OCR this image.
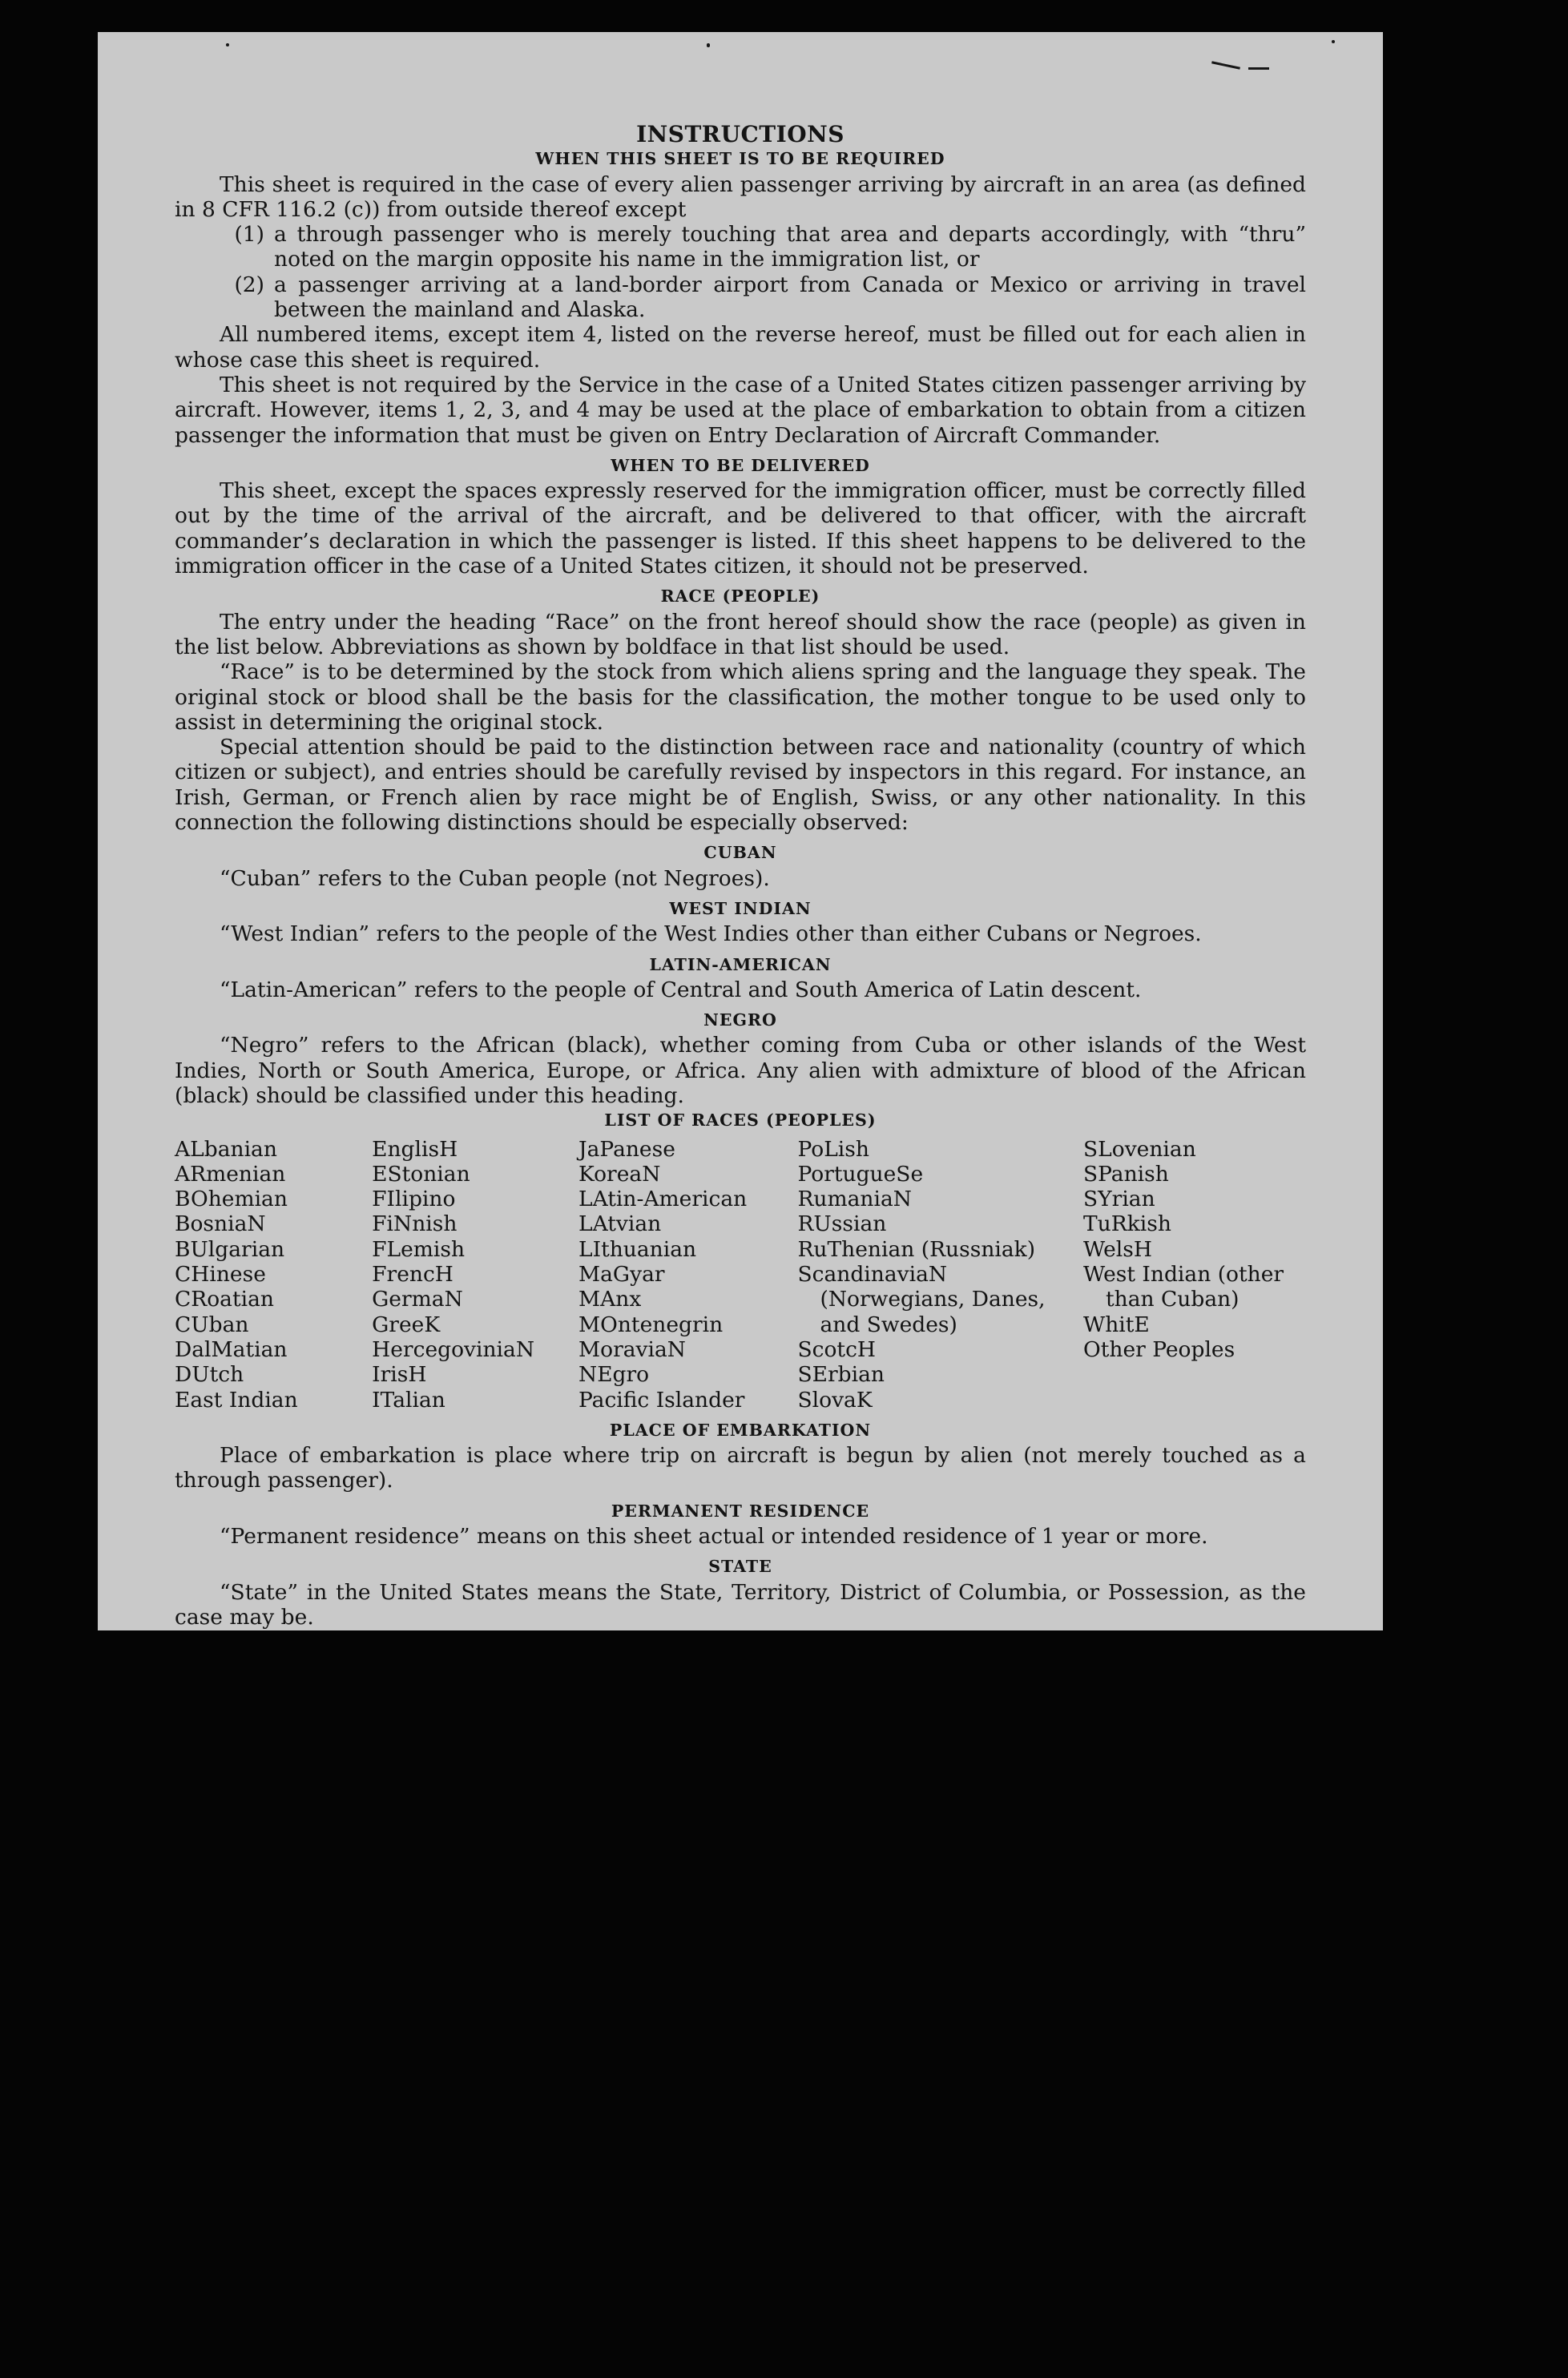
INSTRUCTIONS
WHEN THIS SHEET IS TO BE REQUIRED
This sheet is required in the case of every alien passenger arriving by aircraft in an area (as defined in 8 CFR 116.2 (c)) from outside thereof except
(1) a through passenger who is merely touching that area and departs accordingly, with “thru” noted on the margin opposite his name in the immigration list, or
(2) a passenger arriving at a land-border airport from Canada or Mexico or arriving in travel between the mainland and Alaska.
All numbered items, except item 4, listed on the reverse hereof, must be filled out for each alien in whose case this sheet is required.
This sheet is not required by the Service in the case of a United States citizen passenger arriving by aircraft. However, items 1, 2, 3, and 4 may be used at the place of embarkation to obtain from a citizen passenger the information that must be given on Entry Declaration of Aircraft Commander.
WHEN TO BE DELIVERED
This sheet, except the spaces expressly reserved for the immigration officer, must be correctly filled out by the time of the arrival of the aircraft, and be delivered to that officer, with the aircraft commander’s declaration in which the passenger is listed. If this sheet happens to be delivered to the immigration officer in the case of a United States citizen, it should not be preserved.
RACE (PEOPLE)
The entry under the heading “Race” on the front hereof should show the race (people) as given in the list below. Abbreviations as shown by boldface in that list should be used.
“Race” is to be determined by the stock from which aliens spring and the language they speak. The original stock or blood shall be the basis for the classification, the mother tongue to be used only to assist in determining the original stock.
Special attention should be paid to the distinction between race and nationality (country of which citizen or subject), and entries should be carefully revised by inspectors in this regard. For instance, an Irish, German, or French alien by race might be of English, Swiss, or any other nationality. In this connection the following distinctions should be especially observed:
CUBAN
“Cuban” refers to the Cuban people (not Negroes).
WEST INDIAN
“West Indian” refers to the people of the West Indies other than either Cubans or Negroes.
LATIN-AMERICAN
“Latin-American” refers to the people of Central and South America of Latin descent.
NEGRO
“Negro” refers to the African (black), whether coming from Cuba or other islands of the West Indies, North or South America, Europe, or Africa. Any alien with admixture of blood of the African (black) should be classified under this heading.
LIST OF RACES (PEOPLES)
ALbanian
ARmenian
BOhemian
BosniaN
BUlgarian
CHinese
CRoatian
CUban
DalMatian
DUtch
East Indian
EnglisH
EStonian
FIlipino
FiNnish
FLemish
FrencH
GermaN
GreeK
HercegoviniaN
IrisH
ITalian
JaPanese
KoreaN
LAtin-American
LAtvian
LIthuanian
MaGyar
MAnx
MOntenegrin
MoraviaN
NEgro
Pacific Islander
PoLish
PortugueSe
RumaniaN
RUssian
RuThenian (Russniak)
ScandinaviaN (Norwegians, Danes, and Swedes)
ScotcH
SErbian
SlovaK
SLovenian
SPanish
SYrian
TuRkish
WelsH
West Indian (other than Cuban)
WhitE
Other Peoples
PLACE OF EMBARKATION
Place of embarkation is place where trip on aircraft is begun by alien (not merely touched as a through passenger).
PERMANENT RESIDENCE
“Permanent residence” means on this sheet actual or intended residence of 1 year or more.
STATE
“State” in the United States means the State, Territory, District of Columbia, or Possession, as the case may be.
